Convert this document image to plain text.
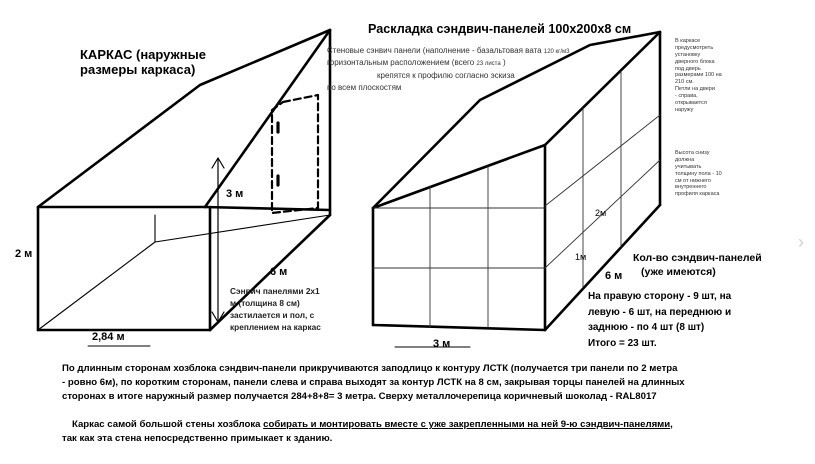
КАРКАС (наружные
размеры каркаса)
3 м
6 м
2 м
2,84 м
Сэнвич панелями 2х1
м (толщина 8 см)
застилается и пол, с
креплением на каркас
Раскладка сэндвич-панелей 100х200х8 см
Стеновые сэнвич панели (наполнение - базальтовая вата 120 кг/м3
горизонтальным расположением (всего 23 листа )
крепятся к профилю согласно эскиза
по всем плоскостям
В каркасе
предусмотреть
установку
дверного блока
под дверь
размерами 100 на
210 см.
Петли на двери
- справа,
открывается
наружу
Высота снизу
должна
учитывать
толщину пола - 10
см от нижнего
внутреннего
профиля каркаса
2м
1м
6 м
3 м
Кол-во сэндвич-панелей
(уже имеются)
На правую сторону - 9 шт, на
левую - 6 шт, на переднюю и
заднюю - по 4 шт (8 шт)
Итого = 23 шт.
По длинным сторонам хозблока сэндвич-панели прикручиваются заподлицо к контуру ЛСТК (получается три панели по 2 метра
- ровно 6м), по коротким сторонам, панели слева и справа выходят за контур ЛСТК на 8 см, закрывая торцы панелей на длинных
сторонах в итоге наружный размер получается 284+8+8= 3 метра. Сверху металлочерепица коричневый шоколад - RAL8017
Каркас самой большой стены хозблока собирать и монтировать вместе с уже закрепленными на ней 9-ю сэндвич-панелями,
так как эта стена непосредственно примыкает к зданию.
›
